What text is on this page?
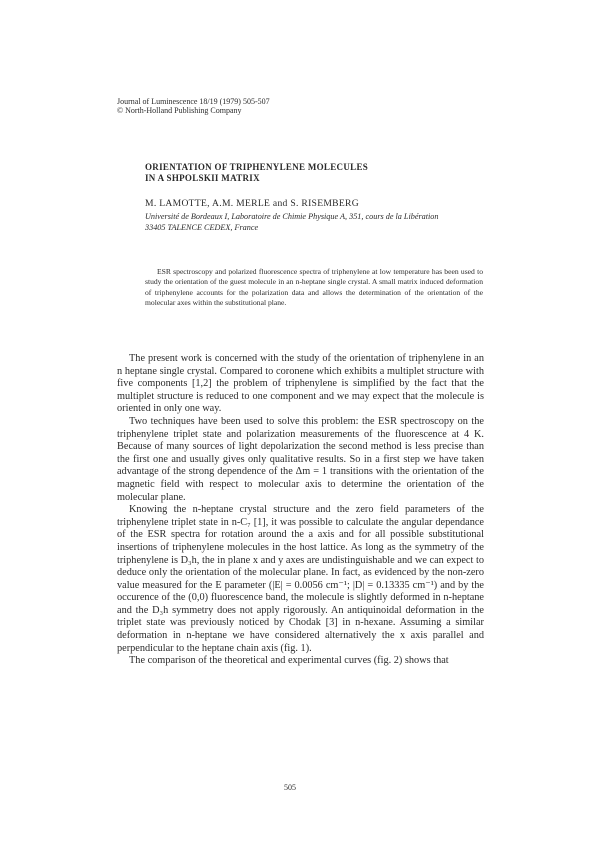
Journal of Luminescence 18/19 (1979) 505-507
© North-Holland Publishing Company
ORIENTATION OF TRIPHENYLENE MOLECULES
IN A SHPOLSKII MATRIX
M. LAMOTTE, A.M. MERLE and S. RISEMBERG
Université de Bordeaux I, Laboratoire de Chimie Physique A, 351, cours de la Libération
33405 TALENCE CEDEX, France

ESR spectroscopy and polarized fluorescence spectra of triphenylene at low temperature has been used to study the orientation of the guest molecule in an n-heptane single crystal. A small matrix induced deformation of triphenylene accounts for the polarization data and allows the determination of the orientation of the molecular axes within the substitutional plane.

The present work is concerned with the study of the orientation of triphenylene in an n heptane single crystal. Compared to coronene which exhibits a multiplet structure with five components [1,2] the problem of triphenylene is simplified by the fact that the multiplet structure is reduced to one component and we may expect that the molecule is oriented in only one way.

Two techniques have been used to solve this problem: the ESR spectroscopy on the triphenylene triplet state and polarization measurements of the fluorescence at 4 K. Because of many sources of light depolarization the second method is less precise than the first one and usually gives only qualitative results. So in a first step we have taken advantage of the strong dependence of the Δm = 1 transitions with the orientation of the magnetic field with respect to molecular axis to determine the orientation of the molecular plane.

Knowing the n-heptane crystal structure and the zero field parameters of the triphenylene triplet state in n-C₇ [1], it was possible to calculate the angular dependance of the ESR spectra for rotation around the a axis and for all possible substitutional insertions of triphenylene molecules in the host lattice. As long as the symmetry of the triphenylene is D₃h, the in plane x and y axes are undistinguishable and we can expect to deduce only the orientation of the molecular plane. In fact, as evidenced by the non-zero value measured for the E parameter (|E| = 0.0056 cm⁻¹; |D| = 0.13335 cm⁻¹) and by the occurence of the (0,0) fluorescence band, the molecule is slightly deformed in n-heptane and the D₃h symmetry does not apply rigorously. An antiquinoidal deformation in the triplet state was previously noticed by Chodak [3] in n-hexane. Assuming a similar deformation in n-heptane we have considered alternatively the x axis parallel and perpendicular to the heptane chain axis (fig. 1).

The comparison of the theoretical and experimental curves (fig. 2) shows that

505
